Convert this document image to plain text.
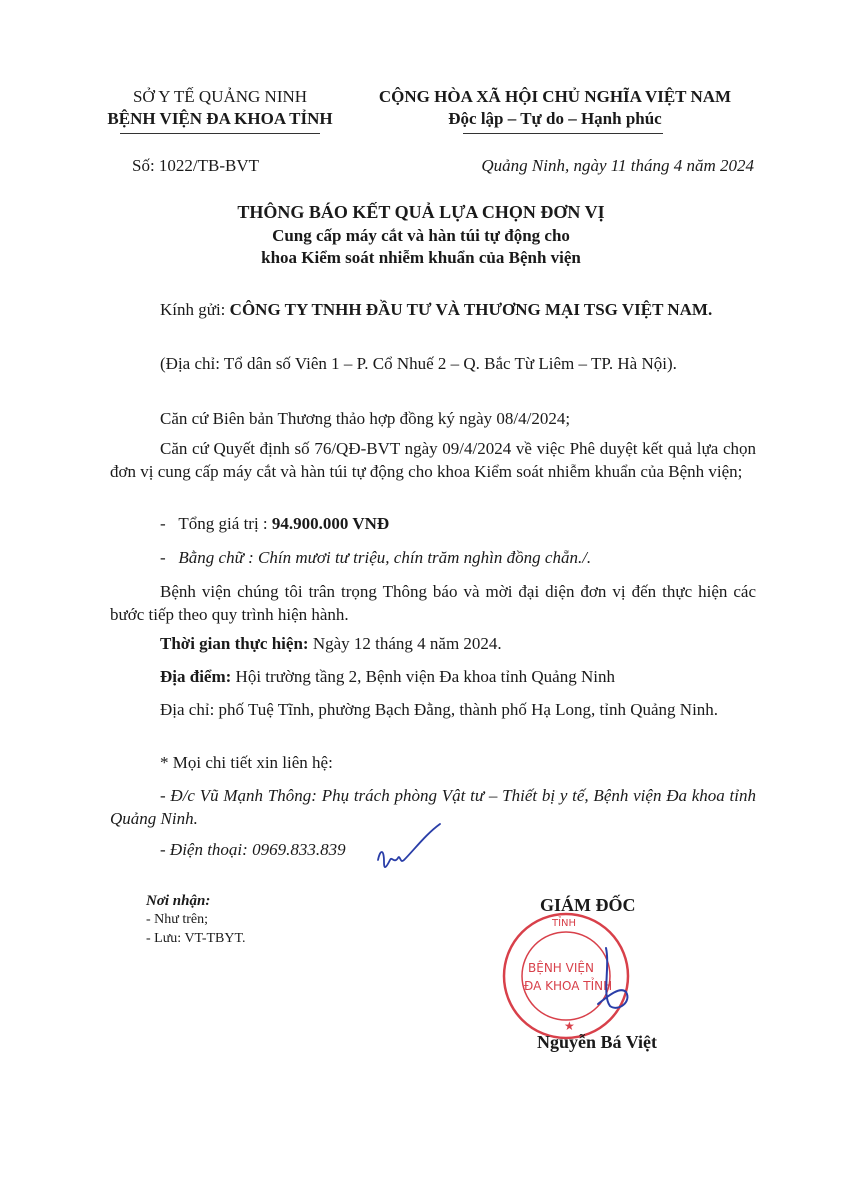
SỞ Y TẾ QUẢNG NINH
BỆNH VIỆN ĐA KHOA TỈNH
CỘNG HÒA XÃ HỘI CHỦ NGHĨA VIỆT NAM
Độc lập – Tự do – Hạnh phúc
Số: 1022/TB-BVT	Quảng Ninh, ngày 11 tháng 4 năm 2024
THÔNG BÁO KẾT QUẢ LỰA CHỌN ĐƠN VỊ
Cung cấp máy cắt và hàn túi tự động cho
khoa Kiểm soát nhiễm khuẩn của Bệnh viện
Kính gửi: CÔNG TY TNHH ĐẦU TƯ VÀ THƯƠNG MẠI TSG VIỆT NAM.
(Địa chỉ: Tổ dân số Viên 1 – P. Cổ Nhuế 2 – Q. Bắc Từ Liêm – TP. Hà Nội).
Căn cứ Biên bản Thương thảo hợp đồng ký ngày 08/4/2024;
Căn cứ Quyết định số 76/QĐ-BVT ngày 09/4/2024 về việc Phê duyệt kết quả lựa chọn đơn vị cung cấp máy cắt và hàn túi tự động cho khoa Kiểm soát nhiễm khuẩn của Bệnh viện;
-   Tổng giá trị : 94.900.000 VNĐ
-   Bằng chữ : Chín mươi tư triệu, chín trăm nghìn đồng chẵn./.
Bệnh viện chúng tôi trân trọng Thông báo và mời đại diện đơn vị đến thực hiện các bước tiếp theo quy trình hiện hành.
Thời gian thực hiện: Ngày 12 tháng 4 năm 2024.
Địa điểm: Hội trường tầng 2, Bệnh viện Đa khoa tỉnh Quảng Ninh
Địa chỉ: phố Tuệ Tĩnh, phường Bạch Đằng, thành phố Hạ Long, tỉnh Quảng Ninh.
* Mọi chi tiết xin liên hệ:
- Đ/c Vũ Mạnh Thông: Phụ trách phòng Vật tư – Thiết bị y tế, Bệnh viện Đa khoa tỉnh Quảng Ninh.
- Điện thoại: 0969.833.839
Nơi nhận:
- Như trên;
- Lưu: VT-TBYT.
GIÁM ĐỐC
TỈNH
BỆNH VIỆN
ĐA KHOA TỈNH
★
Nguyễn Bá Việt
